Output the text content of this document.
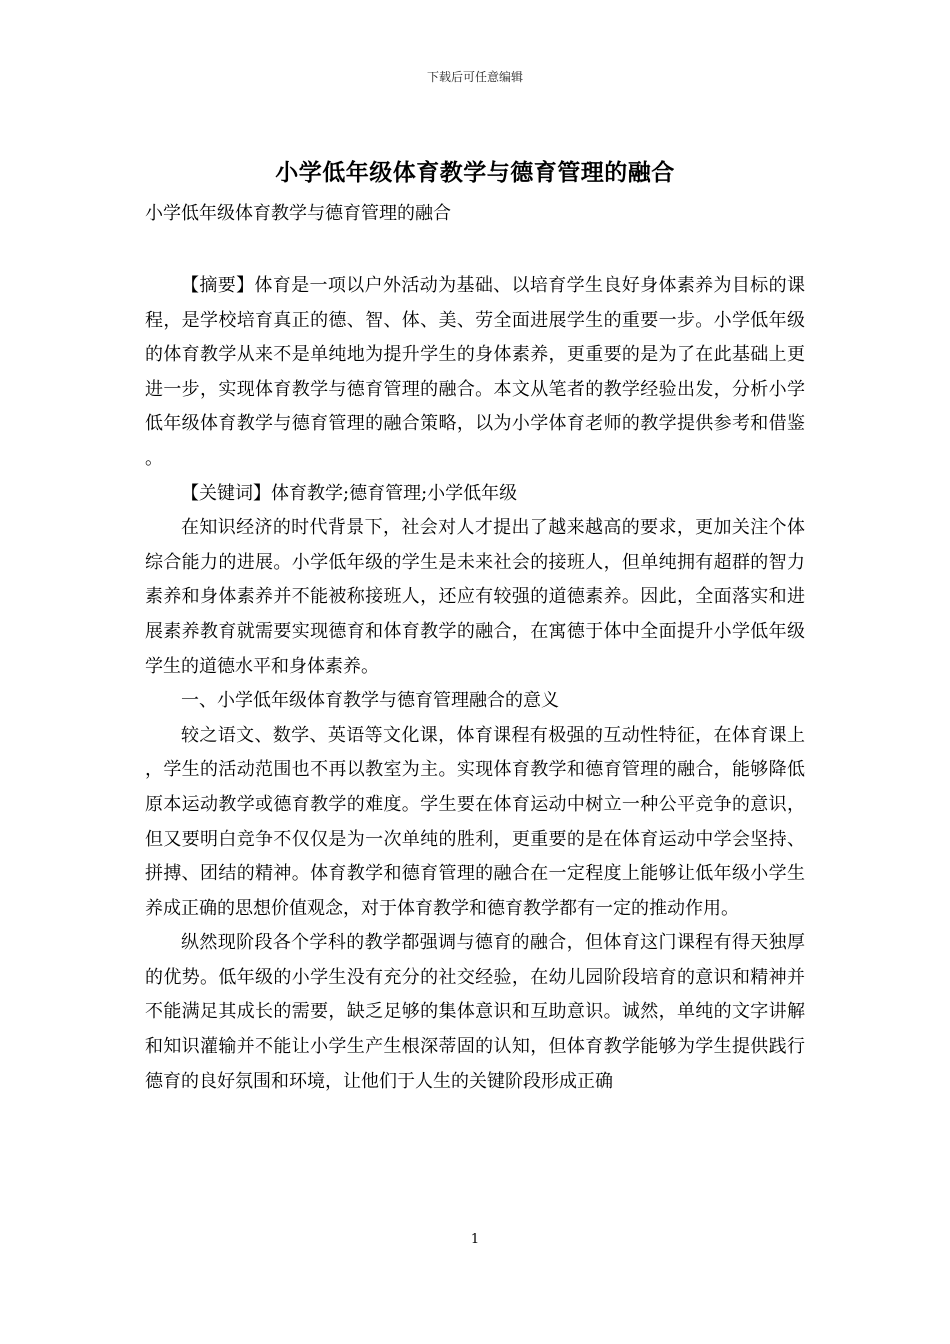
下载后可任意编辑
小学低年级体育教学与德育管理的融合
小学低年级体育教学与德育管理的融合

【摘要】体育是一项以户外活动为基础、以培育学生良好身体素养为目标的课程，是学校培育真正的德、智、体、美、劳全面进展学生的重要一步。小学低年级的体育教学从来不是单纯地为提升学生的身体素养，更重要的是为了在此基础上更进一步，实现体育教学与德育管理的融合。本文从笔者的教学经验出发，分析小学低年级体育教学与德育管理的融合策略，以为小学体育老师的教学提供参考和借鉴。

【关键词】体育教学;德育管理;小学低年级

在知识经济的时代背景下，社会对人才提出了越来越高的要求，更加关注个体综合能力的进展。小学低年级的学生是未来社会的接班人，但单纯拥有超群的智力素养和身体素养并不能被称接班人，还应有较强的道德素养。因此，全面落实和进展素养教育就需要实现德育和体育教学的融合，在寓德于体中全面提升小学低年级学生的道德水平和身体素养。

一、小学低年级体育教学与德育管理融合的意义

较之语文、数学、英语等文化课，体育课程有极强的互动性特征，在体育课上，学生的活动范围也不再以教室为主。实现体育教学和德育管理的融合，能够降低原本运动教学或德育教学的难度。学生要在体育运动中树立一种公平竞争的意识，但又要明白竞争不仅仅是为一次单纯的胜利，更重要的是在体育运动中学会坚持、拼搏、团结的精神。体育教学和德育管理的融合在一定程度上能够让低年级小学生养成正确的思想价值观念，对于体育教学和德育教学都有一定的推动作用。

纵然现阶段各个学科的教学都强调与德育的融合，但体育这门课程有得天独厚的优势。低年级的小学生没有充分的社交经验，在幼儿园阶段培育的意识和精神并不能满足其成长的需要，缺乏足够的集体意识和互助意识。诚然，单纯的文字讲解和知识灌输并不能让小学生产生根深蒂固的认知，但体育教学能够为学生提供践行德育的良好氛围和环境，让他们于人生的关键阶段形成正确

1
